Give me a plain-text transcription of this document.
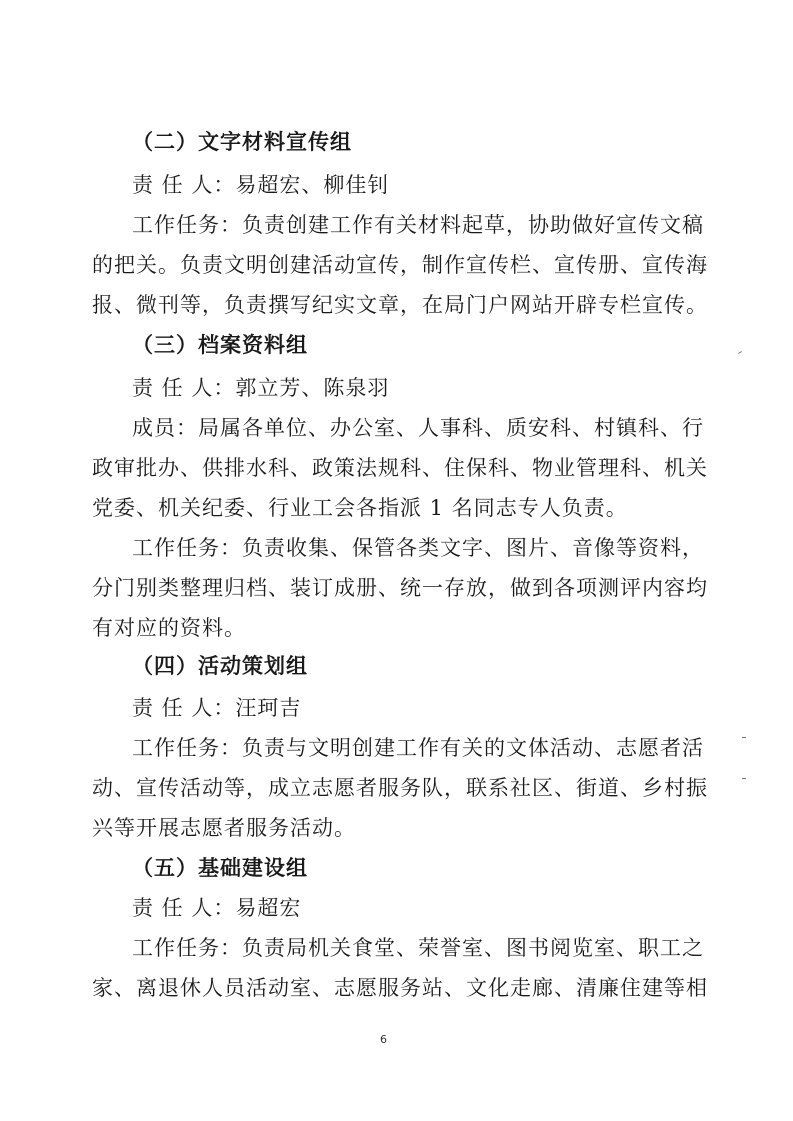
（二）文字材料宣传组
责 任 人：易超宏、柳佳钊
工作任务：负责创建工作有关材料起草，协助做好宣传文稿
的把关。负责文明创建活动宣传，制作宣传栏、宣传册、宣传海
报、微刊等，负责撰写纪实文章，在局门户网站开辟专栏宣传。
（三）档案资料组
责 任 人：郭立芳、陈泉羽
成员：局属各单位、办公室、人事科、质安科、村镇科、行
政审批办、供排水科、政策法规科、住保科、物业管理科、机关
党委、机关纪委、行业工会各指派 1 名同志专人负责。
工作任务：负责收集、保管各类文字、图片、音像等资料，
分门别类整理归档、装订成册、统一存放，做到各项测评内容均
有对应的资料。
（四）活动策划组
责 任 人：汪珂吉
工作任务：负责与文明创建工作有关的文体活动、志愿者活
动、宣传活动等，成立志愿者服务队，联系社区、街道、乡村振
兴等开展志愿者服务活动。
（五）基础建设组
责 任 人：易超宏
工作任务：负责局机关食堂、荣誉室、图书阅览室、职工之
家、离退休人员活动室、志愿服务站、文化走廊、清廉住建等相
6
